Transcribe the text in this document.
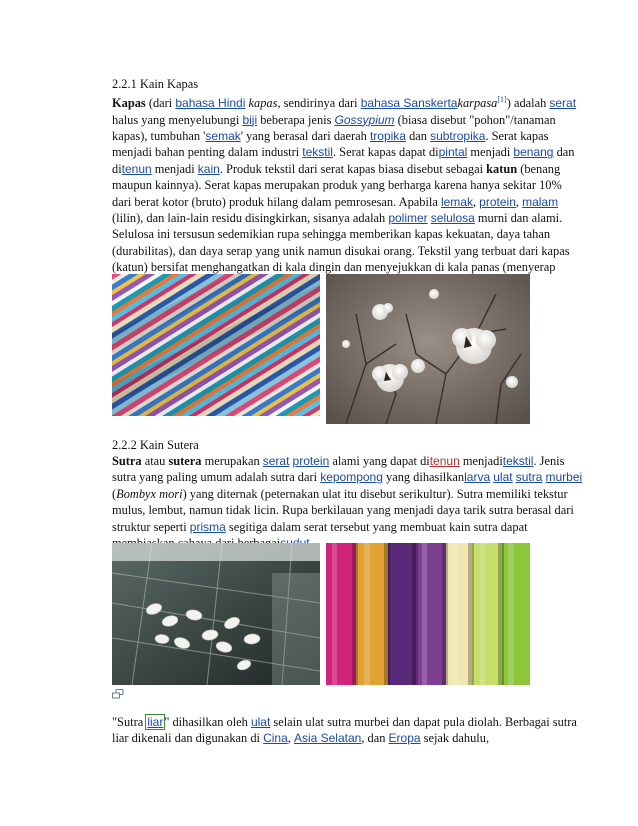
2.2.1 Kain Kapas
Kapas (dari bahasa Hindi kapas, sendirinya dari bahasa Sanskertakarpasa[1]) adalah serat halus yang menyelubungi biji beberapa jenis Gossypium (biasa disebut "pohon"/tanaman kapas), tumbuhan 'semak' yang berasal dari daerah tropika dan subtropika. Serat kapas menjadi bahan penting dalam industri tekstil. Serat kapas dapat dipintal menjadi benang dan ditenun menjadi kain. Produk tekstil dari serat kapas biasa disebut sebagai katun (benang maupun kainnya). Serat kapas merupakan produk yang berharga karena hanya sekitar 10% dari berat kotor (bruto) produk hilang dalam pemrosesan. Apabila lemak, protein, malam (lilin), dan lain-lain residu disingkirkan, sisanya adalah polimer selulosa murni dan alami. Selulosa ini tersusun sedemikian rupa sehingga memberikan kapas kekuatan, daya tahan (durabilitas), dan daya serap yang unik namun disukai orang. Tekstil yang terbuat dari kapas (katun) bersifat menghangatkan di kala dingin dan menyejukkan di kala panas (menyerap
2.2.2 Kain Sutera
Sutra atau sutera merupakan serat protein alami yang dapat ditenun menjaditekstil. Jenis sutra yang paling umum adalah sutra dari kepompong yang dihasilkanlarva ulat sutra murbei (Bombyx mori) yang diternak (peternakan ulat itu disebut serikultur). Sutra memiliki tekstur mulus, lembut, namun tidak licin. Rupa berkilauan yang menjadi daya tarik sutra berasal dari struktur seperti prisma segitiga dalam serat tersebut yang membuat kain sutra dapat
"Sutra liar" dihasilkan oleh ulat selain ulat sutra murbei dan dapat pula diolah. Berbagai sutra liar dikenali dan digunakan di Cina, Asia Selatan, dan Eropa sejak dahulu,
